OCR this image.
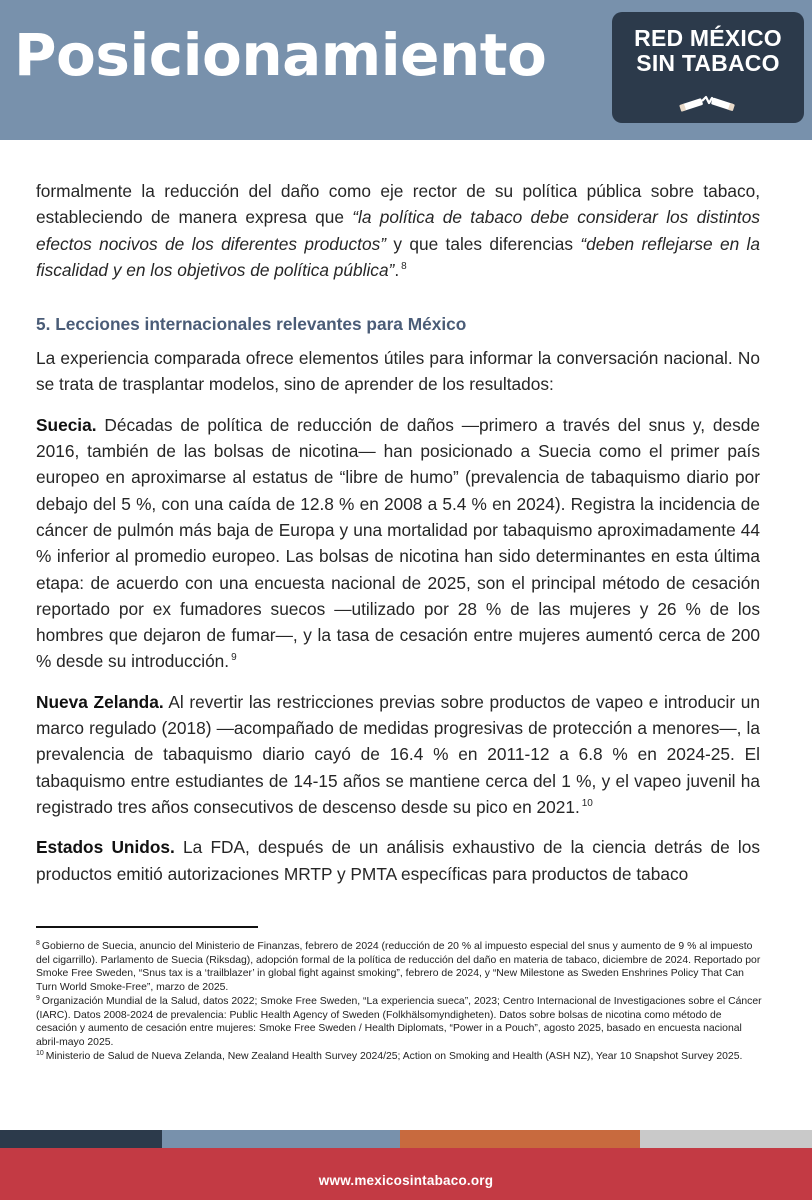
Posicionamiento	RED MÉXICO
SIN TABACO

formalmente la reducción del daño como eje rector de su política pública sobre tabaco, estableciendo de manera expresa que “la política de tabaco debe considerar los distintos efectos nocivos de los diferentes productos” y que tales diferencias “deben reflejarse en la fiscalidad y en los objetivos de política pública”. $^8$

5. Lecciones internacionales relevantes para México

La experiencia comparada ofrece elementos útiles para informar la conversación nacional. No se trata de trasplantar modelos, sino de aprender de los resultados:

Suecia. Décadas de política de reducción de daños —primero a través del snus y, desde 2016, también de las bolsas de nicotina— han posicionado a Suecia como el primer país europeo en aproximarse al estatus de “libre de humo” (prevalencia de tabaquismo diario por debajo del 5 %, con una caída de 12.8 % en 2008 a 5.4 % en 2024). Registra la incidencia de cáncer de pulmón más baja de Europa y una mortalidad por tabaquismo aproximadamente 44 % inferior al promedio europeo. Las bolsas de nicotina han sido determinantes en esta última etapa: de acuerdo con una encuesta nacional de 2025, son el principal método de cesación reportado por ex fumadores suecos —utilizado por 28 % de las mujeres y 26 % de los hombres que dejaron de fumar—, y la tasa de cesación entre mujeres aumentó cerca de 200 % desde su introducción. $^9$

Nueva Zelanda. Al revertir las restricciones previas sobre productos de vapeo e introducir un marco regulado (2018) —acompañado de medidas progresivas de protección a menores—, la prevalencia de tabaquismo diario cayó de 16.4 % en 2011-12 a 6.8 % en 2024-25. El tabaquismo entre estudiantes de 14-15 años se mantiene cerca del 1 %, y el vapeo juvenil ha registrado tres años consecutivos de descenso desde su pico en 2021. $^{10}$

Estados Unidos. La FDA, después de un análisis exhaustivo de la ciencia detrás de los productos emitió autorizaciones MRTP y PMTA específicas para productos de tabaco

$^8$ Gobierno de Suecia, anuncio del Ministerio de Finanzas, febrero de 2024 (reducción de 20 % al impuesto especial del snus y aumento de 9 % al impuesto del cigarrillo). Parlamento de Suecia (Riksdag), adopción formal de la política de reducción del daño en materia de tabaco, diciembre de 2024. Reportado por Smoke Free Sweden, “Snus tax is a ‘trailblazer’ in global fight against smoking”, febrero de 2024, y “New Milestone as Sweden Enshrines Policy That Can Turn World Smoke-Free”, marzo de 2025.

$^9$ Organización Mundial de la Salud, datos 2022; Smoke Free Sweden, “La experiencia sueca”, 2023; Centro Internacional de Investigaciones sobre el Cáncer (IARC). Datos 2008-2024 de prevalencia: Public Health Agency of Sweden (Folkhälsomyndigheten). Datos sobre bolsas de nicotina como método de cesación y aumento de cesación entre mujeres: Smoke Free Sweden / Health Diplomats, “Power in a Pouch”, agosto 2025, basado en encuesta nacional abril-mayo 2025.

$^{10}$ Ministerio de Salud de Nueva Zelanda, New Zealand Health Survey 2024/25; Action on Smoking and Health (ASH NZ), Year 10 Snapshot Survey 2025.

www.mexicosintabaco.org
